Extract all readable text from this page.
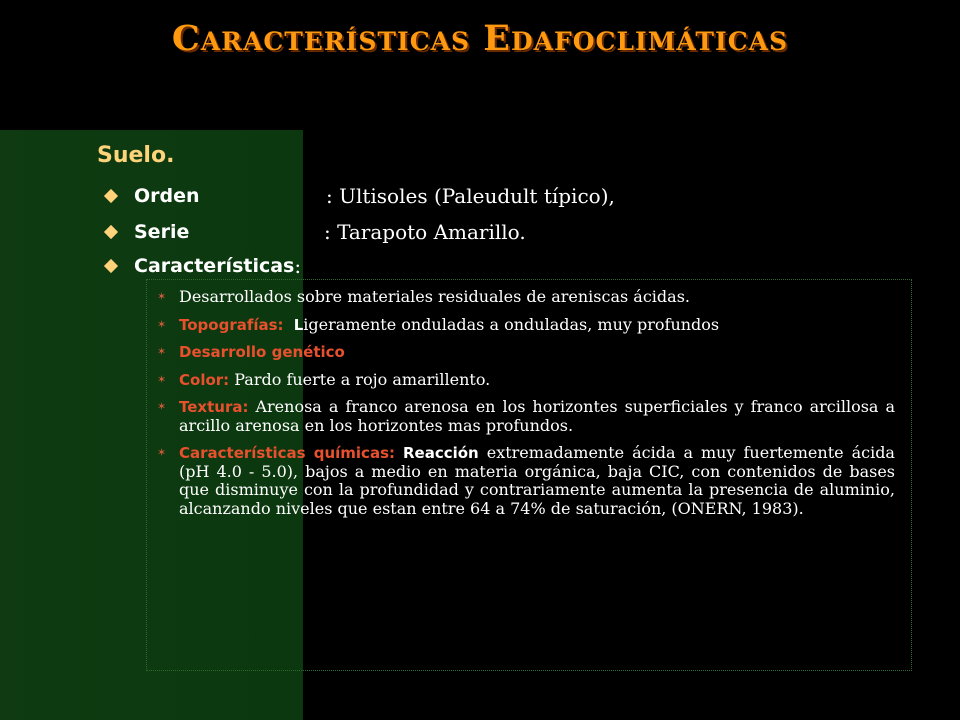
Características Edafoclimáticas
Suelo.
Orden	: Ultisoles (Paleudult típico),
Serie	: Tarapoto Amarillo.
Características :
✶ Desarrollados sobre materiales residuales de areniscas ácidas.
✶ Topografías: Ligeramente onduladas a onduladas, muy profundos
✶ Desarrollo genético
✶ Color: Pardo fuerte a rojo amarillento.
✶ Textura: Arenosa a franco arenosa en los horizontes superficiales y franco arcillosa a arcillo arenosa en los horizontes mas profundos.
✶ Características químicas: Reacción extremadamente ácida a muy fuertemente ácida (pH 4.0 - 5.0), bajos a medio en materia orgánica, baja CIC, con contenidos de bases que disminuye con la profundidad y contrariamente aumenta la presencia de aluminio, alcanzando niveles que estan entre 64 a 74% de saturación, (ONERN, 1983).
